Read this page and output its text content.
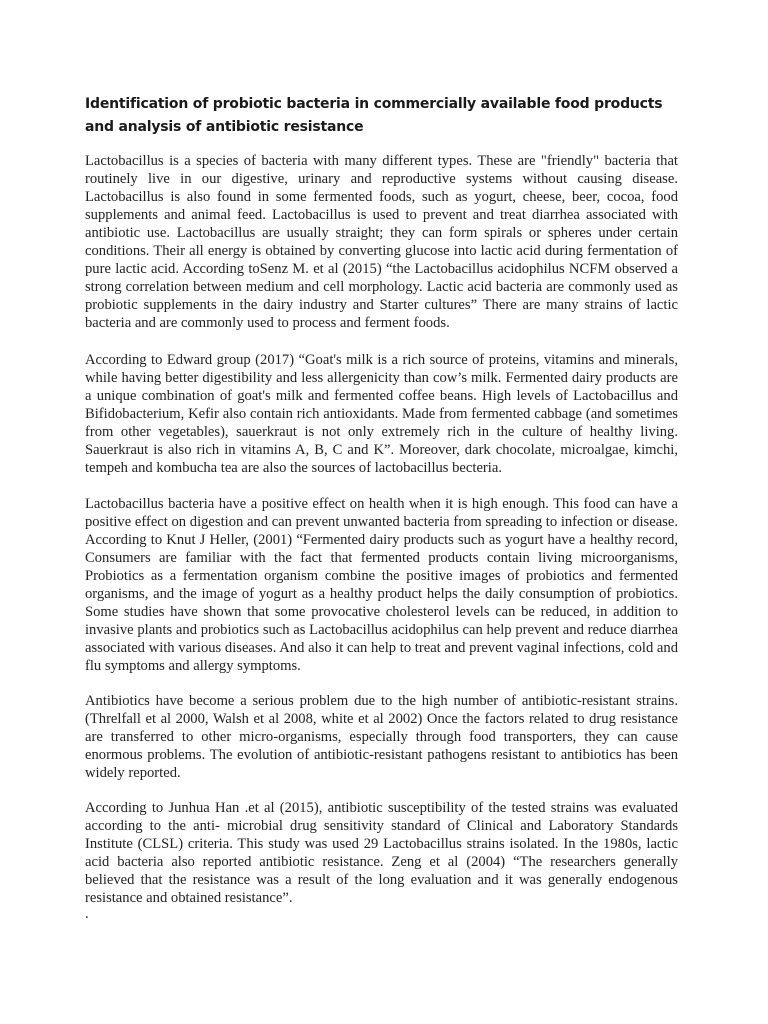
Identification of probiotic bacteria in commercially available food products and analysis of antibiotic resistance

Lactobacillus is a species of bacteria with many different types. These are "friendly" bacteria that routinely live in our digestive, urinary and reproductive systems without causing disease. Lactobacillus is also found in some fermented foods, such as yogurt, cheese, beer, cocoa, food supplements and animal feed. Lactobacillus is used to prevent and treat diarrhea associated with antibiotic use. Lactobacillus are usually straight; they can form spirals or spheres under certain conditions. Their all energy is obtained by converting glucose into lactic acid during fermentation of pure lactic acid. According toSenz M. et al (2015) “the Lactobacillus acidophilus NCFM observed a strong correlation between medium and cell morphology. Lactic acid bacteria are commonly used as probiotic supplements in the dairy industry and Starter cultures” There are many strains of lactic bacteria and are commonly used to process and ferment foods.

According to Edward group (2017) “Goat's milk is a rich source of proteins, vitamins and minerals, while having better digestibility and less allergenicity than cow’s milk. Fermented dairy products are a unique combination of goat's milk and fermented coffee beans. High levels of Lactobacillus and Bifidobacterium, Kefir also contain rich antioxidants. Made from fermented cabbage (and sometimes from other vegetables), sauerkraut is not only extremely rich in the culture of healthy living. Sauerkraut is also rich in vitamins A, B, C and K”. Moreover, dark chocolate, microalgae, kimchi, tempeh and kombucha tea are also the sources of lactobacillus becteria.

Lactobacillus bacteria have a positive effect on health when it is high enough. This food can have a positive effect on digestion and can prevent unwanted bacteria from spreading to infection or disease. According to Knut J Heller, (2001) “Fermented dairy products such as yogurt have a healthy record, Consumers are familiar with the fact that fermented products contain living microorganisms, Probiotics as a fermentation organism combine the positive images of probiotics and fermented organisms, and the image of yogurt as a healthy product helps the daily consumption of probiotics. Some studies have shown that some provocative cholesterol levels can be reduced, in addition to invasive plants and probiotics such as Lactobacillus acidophilus can help prevent and reduce diarrhea associated with various diseases. And also it can help to treat and prevent vaginal infections, cold and flu symptoms and allergy symptoms.

Antibiotics have become a serious problem due to the high number of antibiotic-resistant strains. (Threlfall et al 2000, Walsh et al 2008, white et al 2002) Once the factors related to drug resistance are transferred to other micro-organisms, especially through food transporters, they can cause enormous problems. The evolution of antibiotic-resistant pathogens resistant to antibiotics has been widely reported.

According to Junhua Han .et al (2015), antibiotic susceptibility of the tested strains was evaluated according to the anti- microbial drug sensitivity standard of Clinical and Laboratory Standards Institute (CLSL) criteria. This study was used 29 Lactobacillus strains isolated. In the 1980s, lactic acid bacteria also reported antibiotic resistance. Zeng et al (2004) “The researchers generally believed that the resistance was a result of the long evaluation and it was generally endogenous resistance and obtained resistance”.

.
